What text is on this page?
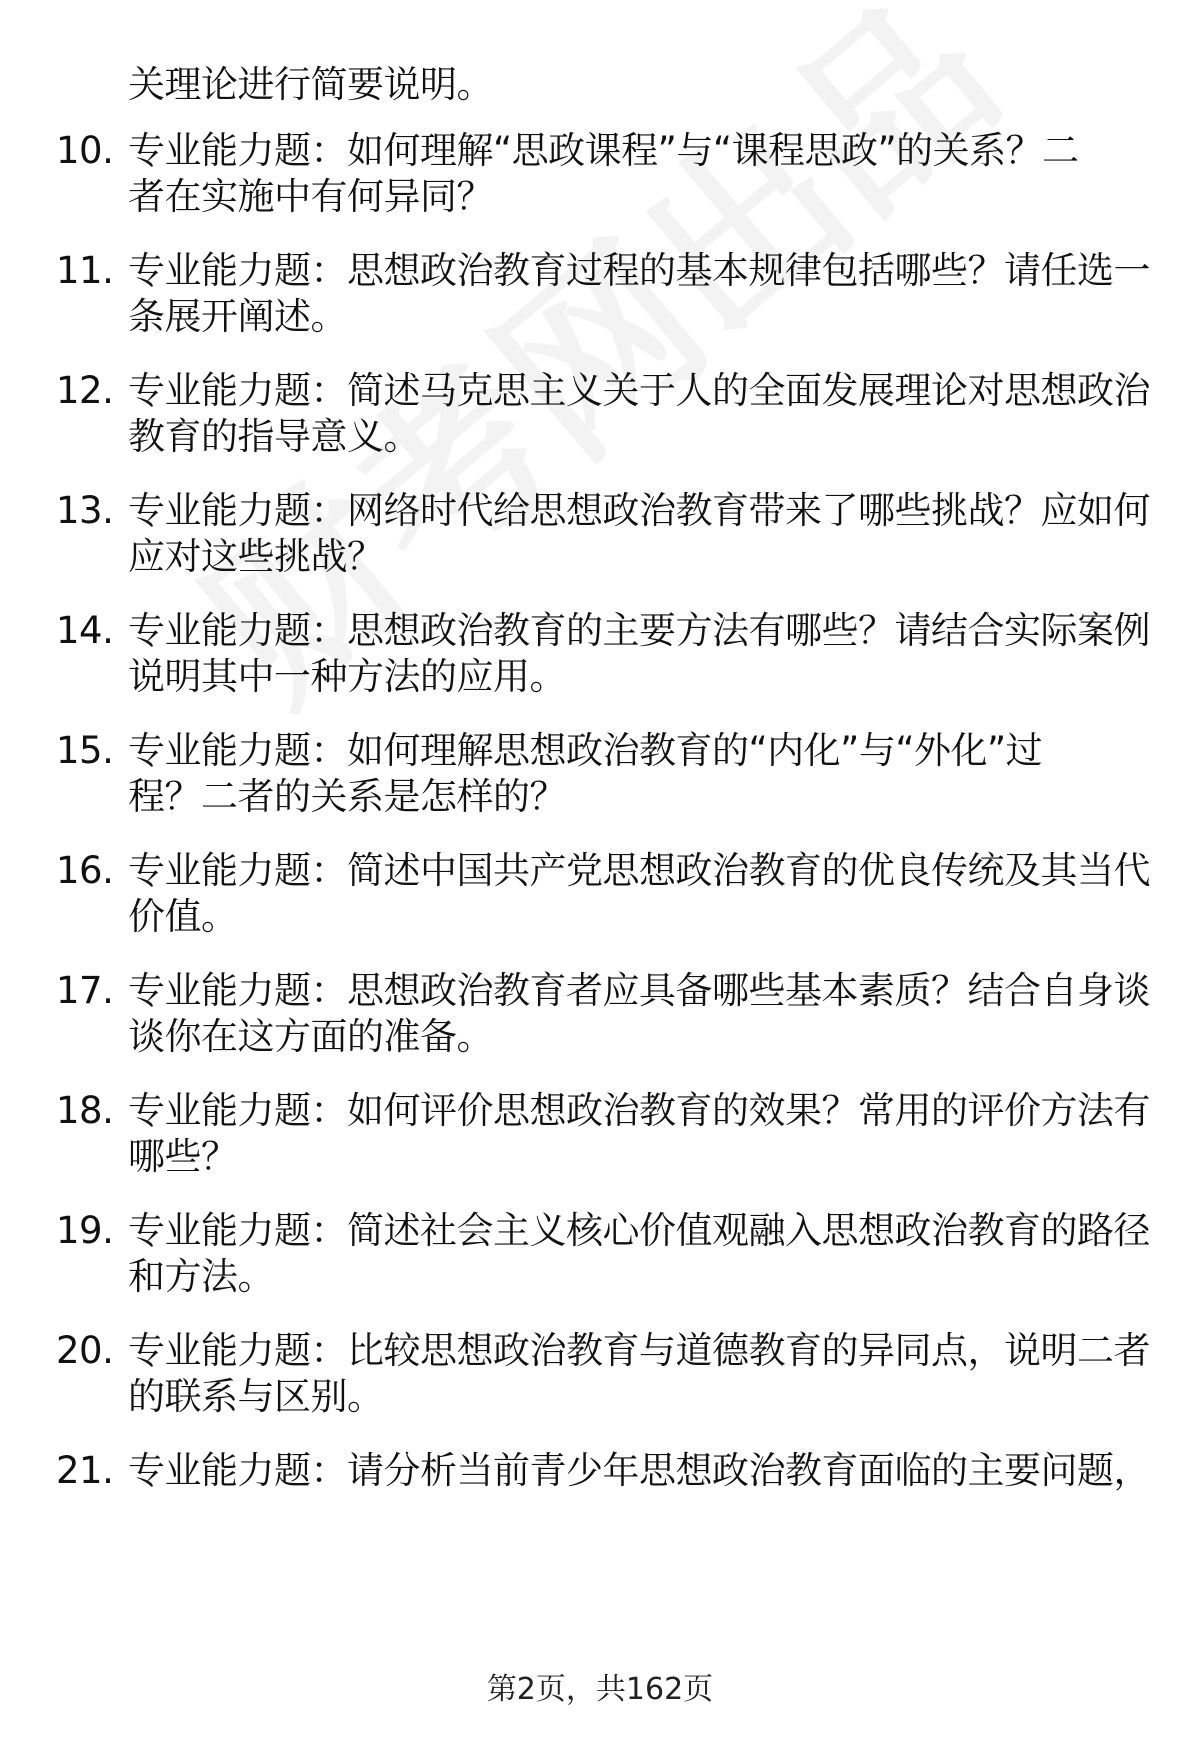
关理论进行简要说明。
10. 专业能力题：如何理解“思政课程”与“课程思政”的关系？二
者在实施中有何异同？
11. 专业能力题：思想政治教育过程的基本规律包括哪些？请任选一
条展开阐述。
12. 专业能力题：简述马克思主义关于人的全面发展理论对思想政治
教育的指导意义。
13. 专业能力题：网络时代给思想政治教育带来了哪些挑战？应如何
应对这些挑战？
14. 专业能力题：思想政治教育的主要方法有哪些？请结合实际案例
说明其中一种方法的应用。
15. 专业能力题：如何理解思想政治教育的“内化”与“外化”过
程？二者的关系是怎样的？
16. 专业能力题：简述中国共产党思想政治教育的优良传统及其当代
价值。
17. 专业能力题：思想政治教育者应具备哪些基本素质？结合自身谈
谈你在这方面的准备。
18. 专业能力题：如何评价思想政治教育的效果？常用的评价方法有
哪些？
19. 专业能力题：简述社会主义核心价值观融入思想政治教育的路径
和方法。
20. 专业能力题：比较思想政治教育与道德教育的异同点，说明二者
的联系与区别。
21. 专业能力题：请分析当前青少年思想政治教育面临的主要问题，
第2页，共162页
